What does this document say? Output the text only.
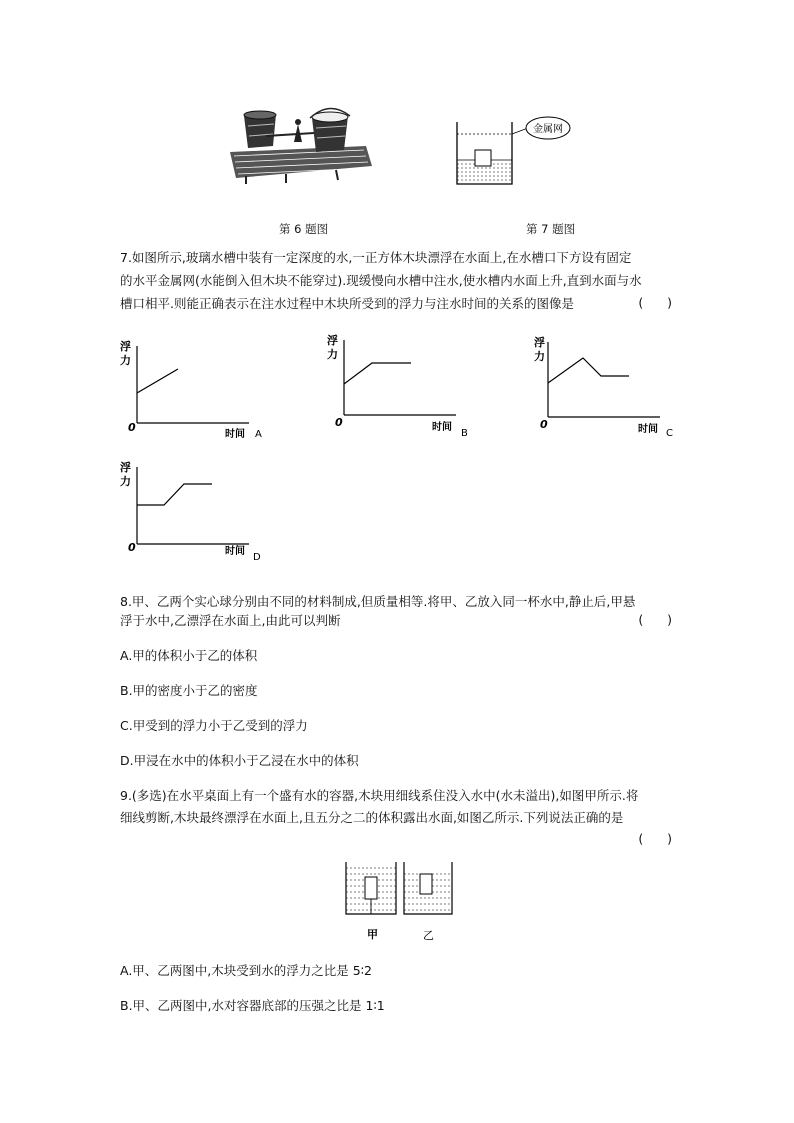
金属网
第 6 题图	第 7 题图
7.如图所示,玻璃水槽中装有一定深度的水,一正方体木块漂浮在水面上,在水槽口下方设有固定
的水平金属网(水能倒入但木块不能穿过).现缓慢向水槽中注水,使水槽内水面上升,直到水面与水
槽口相平.则能正确表示在注水过程中木块所受到的浮力与注水时间的关系的图像是	(      )
浮
力
0
时间 A
浮
力
0	时间
B
浮
力
0	时间 C
浮
力
0	时间
D
8.甲、乙两个实心球分别由不同的材料制成,但质量相等.将甲、乙放入同一杯水中,静止后,甲悬
浮于水中,乙漂浮在水面上,由此可以判断	(      )
A.甲的体积小于乙的体积
B.甲的密度小于乙的密度
C.甲受到的浮力小于乙受到的浮力
D.甲浸在水中的体积小于乙浸在水中的体积
9.(多选)在水平桌面上有一个盛有水的容器,木块用细线系住没入水中(水未溢出),如图甲所示.将
细线剪断,木块最终漂浮在水面上,且五分之二的体积露出水面,如图乙所示.下列说法正确的是
(      )
甲	乙
A.甲、乙两图中,木块受到水的浮力之比是 5∶2
B.甲、乙两图中,水对容器底部的压强之比是 1∶1
